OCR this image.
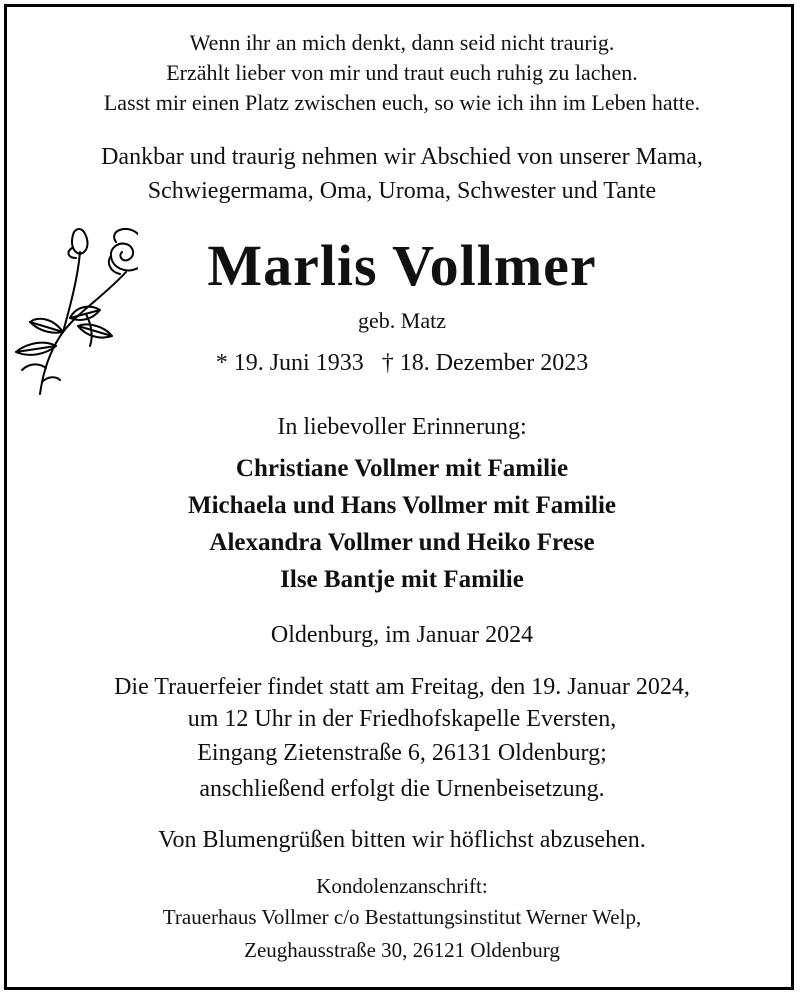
Wenn ihr an mich denkt, dann seid nicht traurig.
Erzählt lieber von mir und traut euch ruhig zu lachen.
Lasst mir einen Platz zwischen euch, so wie ich ihn im Leben hatte.
Dankbar und traurig nehmen wir Abschied von unserer Mama,
Schwiegermama, Oma, Uroma, Schwester und Tante
Marlis Vollmer
geb. Matz
* 19. Juni 1933   † 18. Dezember 2023
In liebevoller Erinnerung:
Christiane Vollmer mit Familie
Michaela und Hans Vollmer mit Familie
Alexandra Vollmer und Heiko Frese
Ilse Bantje mit Familie
Oldenburg, im Januar 2024
Die Trauerfeier findet statt am Freitag, den 19. Januar 2024,
um 12 Uhr in der Friedhofskapelle Eversten,
Eingang Zietenstraße 6, 26131 Oldenburg;
anschließend erfolgt die Urnenbeisetzung.
Von Blumengrüßen bitten wir höflichst abzusehen.
Kondolenzanschrift:
Trauerhaus Vollmer c/o Bestattungsinstitut Werner Welp,
Zeughausstraße 30, 26121 Oldenburg
